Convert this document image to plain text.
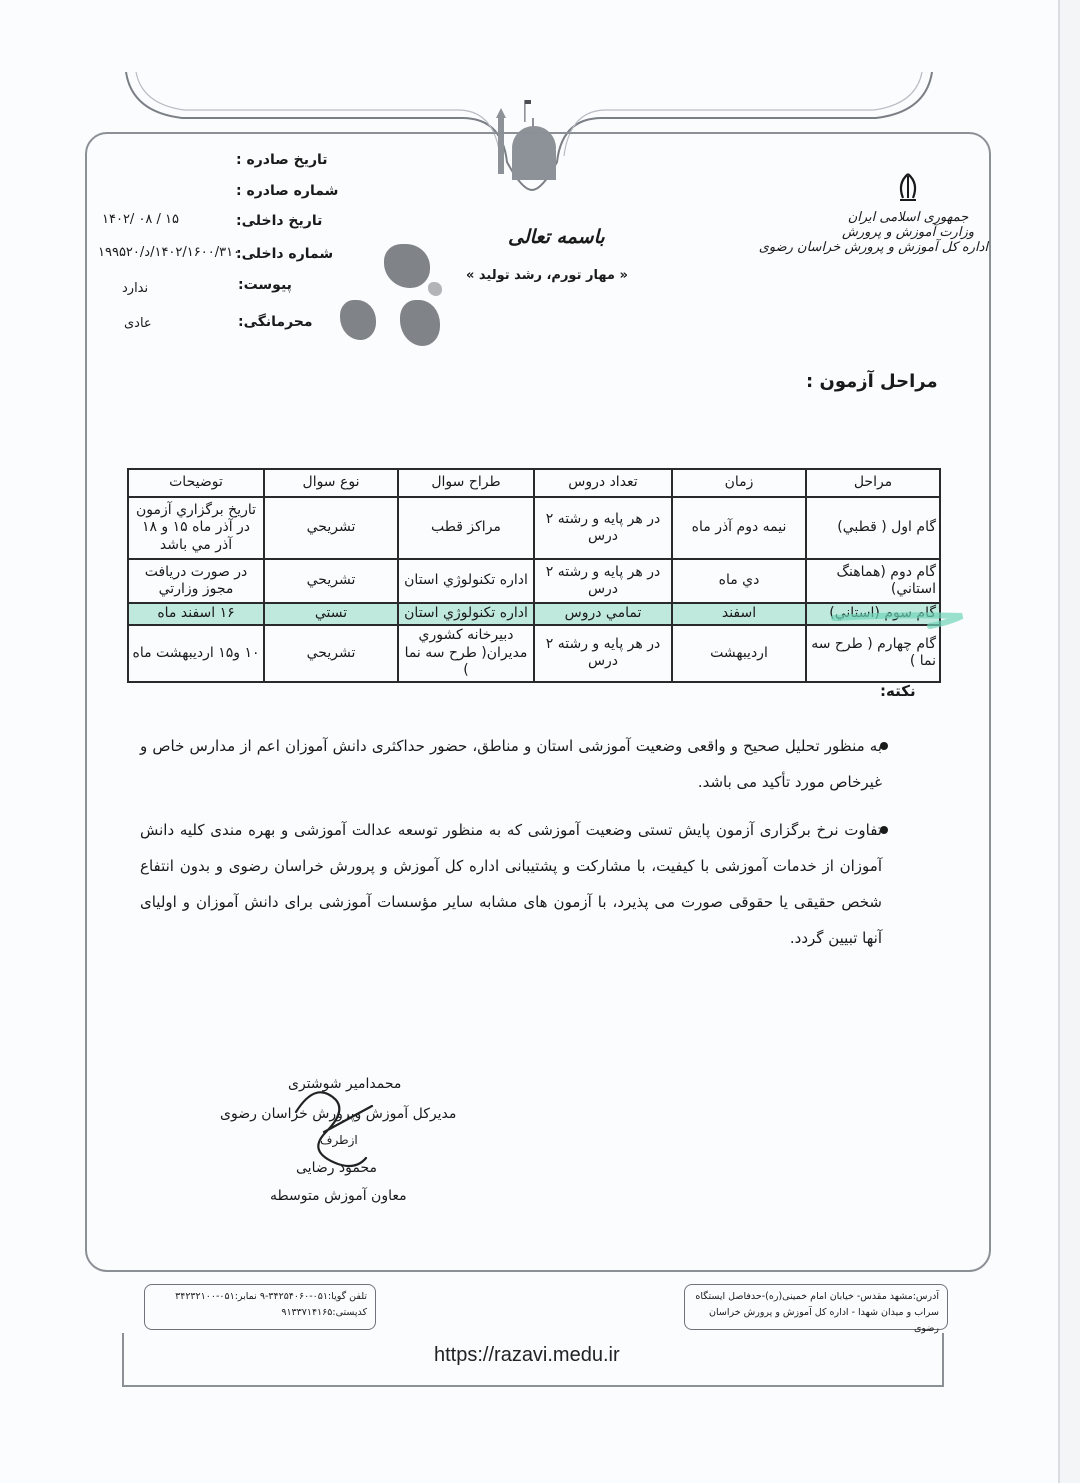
تاریخ صادره :
شماره صادره :
تاریخ داخلی:
۱۴۰۲/ ۰۸ / ۱۵
شماره داخلی:
۱۴۰۲/۱۶۰۰/۳۱۰/د/۱۹۹۵۲۰
پیوست:
ندارد
محرمانگی:
عادی
باسمه تعالی
« مهار تورم، رشد تولید »
جمهوری اسلامی ایران
وزارت آموزش و پرورش
اداره کل آموزش و پرورش خراسان رضوی
مراحل آزمون :
مراحل	زمان	تعداد دروس	طراح سوال	نوع سوال	توضیحات
گام اول ( قطبي)	نيمه دوم آذر ماه	در هر پايه و رشته ۲ درس	مراكز قطب	تشريحي	تاريخ برگزاري آزمون در آذر ماه ۱۵ و ۱۸ آذر مي باشد
گام دوم (هماهنگ استاني)	دي ماه	در هر پايه و رشته ۲ درس	اداره تكنولوژي استان	تشريحي	در صورت دريافت مجوز وزارتي
گام سوم (استاني)	اسفند	تمامي دروس	اداره تكنولوژي استان	تستي	۱۶ اسفند ماه
گام چهارم ( طرح سه نما )	ارديبهشت	در هر پايه و رشته ۲ درس	دبيرخانه كشوري مديران( طرح سه نما )	تشريحي	۱۰ و۱۵ ارديبهشت ماه
نکته:
به منظور تحلیل صحیح و واقعی وضعیت آموزشی استان و مناطق، حضور حداکثری دانش آموزان اعم از مدارس خاص و غیرخاص مورد تأکید می باشد.
تفاوت نرخ برگزاری آزمون پایش تستی وضعیت آموزشی که به منظور توسعه عدالت آموزشی و بهره مندی کلیه دانش آموزان از خدمات آموزشی با کیفیت، با مشارکت و پشتیبانی اداره کل آموزش و پرورش خراسان رضوی و بدون انتفاع شخص حقیقی یا حقوقی صورت می پذیرد، با آزمون های مشابه سایر مؤسسات آموزشی برای دانش آموزان و اولیای آنها تبیین گردد.
محمدامیر شوشتری
مدیرکل آموزش وپرورش خراسان رضوی
ازطرف
محمود رضایی
معاون آموزش متوسطه
تلفن گویا:۰۵۱-۳۴۲۵۴۰۶۰-۹ نمابر:۰۵۱-۳۴۲۳۲۱۰۰
کدپستی:۹۱۳۳۷۱۴۱۶۵
آدرس:مشهد مقدس- خیابان امام خمینی(ره)-حدفاصل ایستگاه
سراب و میدان شهدا - اداره کل آموزش و پرورش خراسان رضوی
https://razavi.medu.ir
